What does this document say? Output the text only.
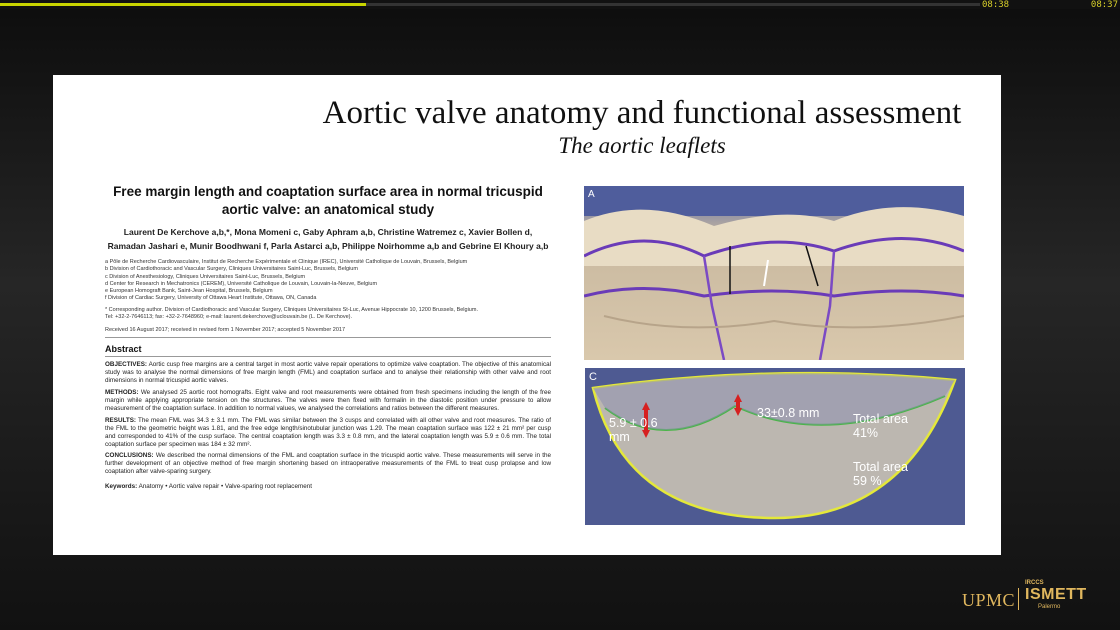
08:38	08:37
Aortic valve anatomy and functional assessment
The aortic leaflets
Free margin length and coaptation surface area in normal tricuspid
aortic valve: an anatomical study
Laurent De Kerchove a,b,*, Mona Momeni c, Gaby Aphram a,b, Christine Watremez c, Xavier Bollen d,
Ramadan Jashari e, Munir Boodhwani f, Parla Astarci a,b, Philippe Noirhomme a,b and Gebrine El Khoury a,b
a Pôle de Recherche Cardiovasculaire, Institut de Recherche Expérimentale et Clinique (IREC), Université Catholique de Louvain, Brussels, Belgium
b Division of Cardiothoracic and Vascular Surgery, Cliniques Universitaires Saint-Luc, Brussels, Belgium
c Division of Anesthesiology, Cliniques Universitaires Saint-Luc, Brussels, Belgium
d Center for Research in Mechatronics (CEREM), Université Catholique de Louvain, Louvain-la-Neuve, Belgium
e European Homograft Bank, Saint-Jean Hospital, Brussels, Belgium
f Division of Cardiac Surgery, University of Ottawa Heart Institute, Ottawa, ON, Canada
* Corresponding author. Division of Cardiothoracic and Vascular Surgery, Cliniques Universitaires St-Luc, Avenue Hippocrate 10, 1200 Brussels, Belgium.
Tel: +32-2-7646113; fax: +32-2-7648960; e-mail: laurent.dekerchove@uclouvain.be (L. De Kerchove).
Received 16 August 2017; received in revised form 1 November 2017; accepted 5 November 2017
Abstract
OBJECTIVES: Aortic cusp free margins are a central target in most aortic valve repair operations to optimize valve coaptation. The objective of this anatomical study was to analyse the normal dimensions of free margin length (FML) and coaptation surface and to analyse their relationship with other valve and root dimensions in normal tricuspid aortic valves.
METHODS: We analysed 25 aortic root homografts. Eight valve and root measurements were obtained from fresh specimens including the length of the free margin while applying appropriate tension on the structures. The valves were then fixed with formalin in the diastolic position under pressure to allow measurement of the coaptation surface. In addition to normal values, we analysed the correlations and ratios between the different measures.
RESULTS: The mean FML was 34.3 ± 3.1 mm. The FML was similar between the 3 cusps and correlated with all other valve and root measures. The ratio of the FML to the geometric height was 1.81, and the free edge length/sinotubular junction was 1.29. The mean coaptation surface was 122 ± 21 mm² per cusp and corresponded to 41% of the cusp surface. The central coaptation length was 3.3 ± 0.8 mm, and the lateral coaptation length was 5.9 ± 0.6 mm. The total coaptation surface per specimen was 184 ± 32 mm².
CONCLUSIONS: We described the normal dimensions of the FML and coaptation surface in the tricuspid aortic valve. These measurements will serve in the further development of an objective method of free margin shortening based on intraoperative measurements of the FML to treat cusp prolapse and low coaptation after valve-sparing surgery.
Keywords: Anatomy • Aortic valve repair • Valve-sparing root replacement
A
C
5.9 ± 0.6 mm
33±0.8 mm	Total area 41%
Total area 59 %
UPMC
IRCCS
ISMETT
Palermo
